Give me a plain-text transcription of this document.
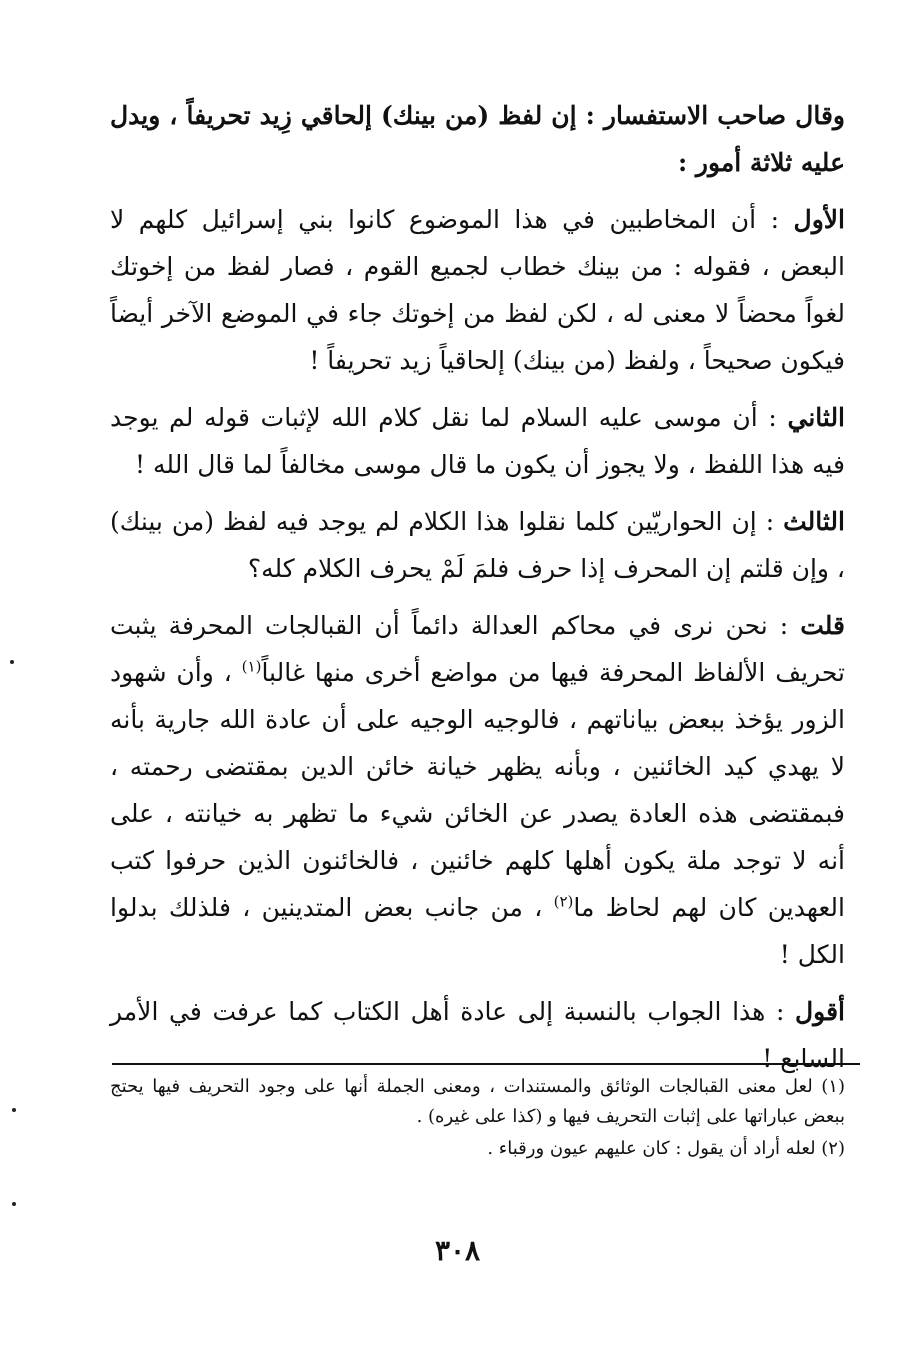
وقال صاحب الاستفسار : إن لفظ (من بينك) إلحاقي زِيد تحريفاً ، ويدل عليه ثلاثة أمور :

الأول : أن المخاطبين في هذا الموضوع كانوا بني إسرائيل كلهم لا البعض ، فقوله : من بينك خطاب لجميع القوم ، فصار لفظ من إخوتك لغواً محضاً لا معنى له ، لكن لفظ من إخوتك جاء في الموضع الآخر أيضاً فيكون صحيحاً ، ولفظ (من بينك) إلحاقياً زيد تحريفاً !

الثاني : أن موسى عليه السلام لما نقل كلام الله لإثبات قوله لم يوجد فيه هذا اللفظ ، ولا يجوز أن يكون ما قال موسى مخالفاً لما قال الله !

الثالث : إن الحواريّين كلما نقلوا هذا الكلام لم يوجد فيه لفظ (من بينك) ، وإن قلتم إن المحرف إذا حرف فلمَ لَمْ يحرف الكلام كله؟

قلت : نحن نرى في محاكم العدالة دائماً أن القبالجات المحرفة يثبت تحريف الألفاظ المحرفة فيها من مواضع أخرى منها غالباً$^{(١)}$ ، وأن شهود الزور يؤخذ ببعض بياناتهم ، فالوجيه الوجيه على أن عادة الله جارية بأنه لا يهدي كيد الخائنين ، وبأنه يظهر خيانة خائن الدين بمقتضى رحمته ، فبمقتضى هذه العادة يصدر عن الخائن شيء ما تظهر به خيانته ، على أنه لا توجد ملة يكون أهلها كلهم خائنين ، فالخائنون الذين حرفوا كتب العهدين كان لهم لحاظ ما$^{(٢)}$ ، من جانب بعض المتدينين ، فلذلك بدلوا الكل !

أقول : هذا الجواب بالنسبة إلى عادة أهل الكتاب كما عرفت في الأمر السابع !

(١) لعل معنى القبالجات الوثائق والمستندات ، ومعنى الجملة أنها على وجود التحريف فيها يحتج ببعض عباراتها على إثبات التحريف فيها و (كذا على غيره) .

(٢) لعله أراد أن يقول : كان عليهم عيون ورقباء .

٣٠٨
